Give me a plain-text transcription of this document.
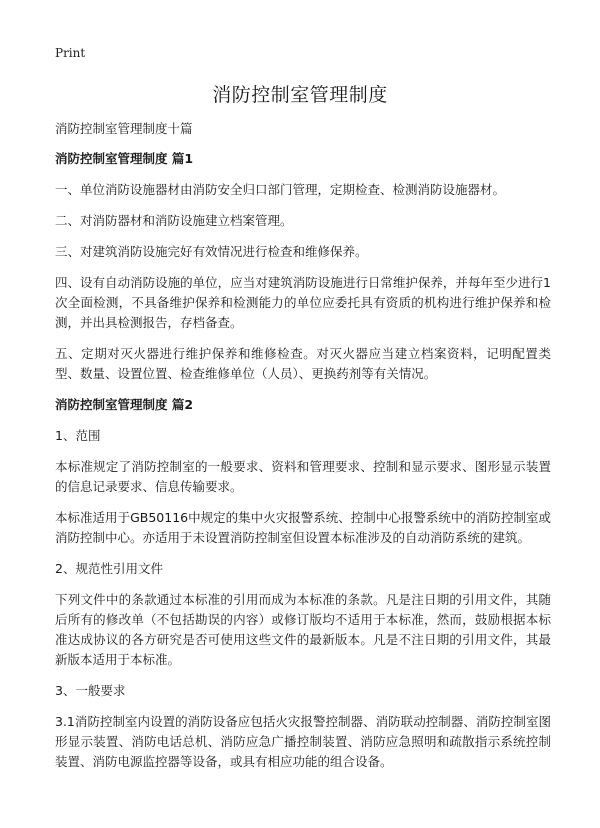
Print
消防控制室管理制度

消防控制室管理制度十篇

消防控制室管理制度 篇1

一、单位消防设施器材由消防安全归口部门管理，定期检查、检测消防设施器材。

二、对消防器材和消防设施建立档案管理。

三、对建筑消防设施完好有效情况进行检查和维修保养。

四、设有自动消防设施的单位，应当对建筑消防设施进行日常维护保养，并每年至少进行1次全面检测，不具备维护保养和检测能力的单位应委托具有资质的机构进行维护保养和检测，并出具检测报告，存档备查。

五、定期对灭火器进行维护保养和维修检查。对灭火器应当建立档案资料，记明配置类型、数量、设置位置、检查维修单位（人员）、更换药剂等有关情况。

消防控制室管理制度 篇2

1、范围

本标准规定了消防控制室的一般要求、资料和管理要求、控制和显示要求、图形显示装置的信息记录要求、信息传输要求。

本标准适用于GB50116中规定的集中火灾报警系统、控制中心报警系统中的消防控制室或消防控制中心。亦适用于未设置消防控制室但设置本标准涉及的自动消防系统的建筑。

2、规范性引用文件

下列文件中的条款通过本标准的引用而成为本标准的条款。凡是注日期的引用文件，其随后所有的修改单（不包括勘误的内容）或修订版均不适用于本标准，然而，鼓励根据本标准达成协议的各方研究是否可使用这些文件的最新版本。凡是不注日期的引用文件，其最新版本适用于本标准。

3、一般要求

3.1消防控制室内设置的消防设备应包括火灾报警控制器、消防联动控制器、消防控制室图形显示装置、消防电话总机、消防应急广播控制装置、消防应急照明和疏散指示系统控制装置、消防电源监控器等设备，或具有相应功能的组合设备。
